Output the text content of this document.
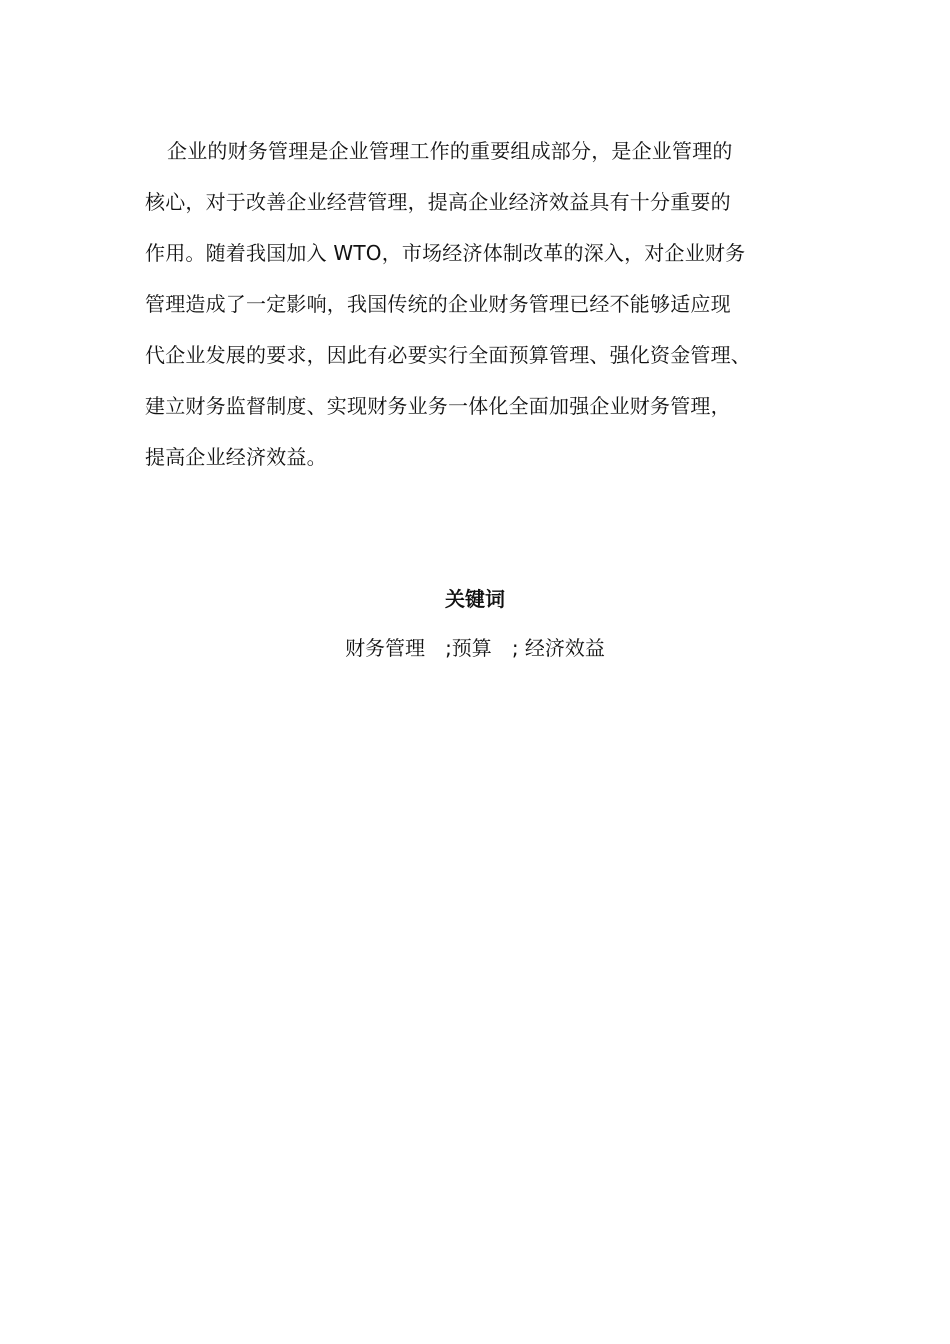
企业的财务管理是企业管理工作的重要组成部分，是企业管理的
核心，对于改善企业经营管理，提高企业经济效益具有十分重要的
作用。随着我国加入 WTO，市场经济体制改革的深入，对企业财务
管理造成了一定影响，我国传统的企业财务管理已经不能够适应现
代企业发展的要求，因此有必要实行全面预算管理、强化资金管理、
建立财务监督制度、实现财务业务一体化全面加强企业财务管理，
提高企业经济效益。
关键词
财务管理 ;预算 ; 经济效益
